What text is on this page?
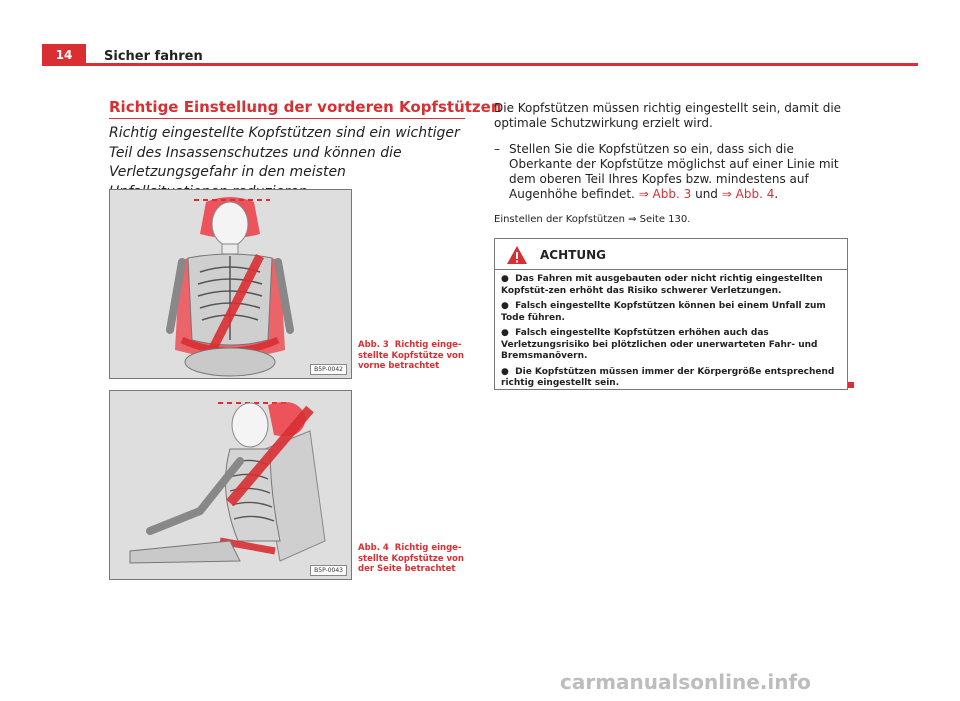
14	Sicher fahren
Richtige Einstellung der vorderen Kopfstützen
Richtig eingestellte Kopfstützen sind ein wichtiger Teil des Insassenschutzes und können die Verletzungsgefahr in den meisten
B5P-0042
Abb. 3 Richtig einge-stellte Kopfstütze von vorne betrachtet
B5P-0043
Abb. 4 Richtig einge-stellte Kopfstütze von der Seite betrachtet
Die Kopfstützen müssen richtig eingestellt sein, damit die optimale Schutzwirkung erzielt wird.
– Stellen Sie die Kopfstützen so ein, dass sich die Oberkante der Kopfstütze möglichst auf einer Linie mit dem oberen Teil Ihres Kopfes bzw. mindestens auf Augenhöhe befindet. ⇒ Abb. 3 und ⇒ Abb. 4.
Einstellen der Kopfstützen ⇒ Seite 130.
ACHTUNG
● Das Fahren mit ausgebauten oder nicht richtig eingestellten Kopfstüt-zen erhöht das Risiko schwerer Verletzungen.
● Falsch eingestellte Kopfstützen können bei einem Unfall zum Tode führen.
● Falsch eingestellte Kopfstützen erhöhen auch das Verletzungsrisiko bei plötzlichen oder unerwarteten Fahr- und Bremsmanövern.
● Die Kopfstützen müssen immer der Körpergröße entsprechend richtig eingestellt sein.
carmanualsonline.info
